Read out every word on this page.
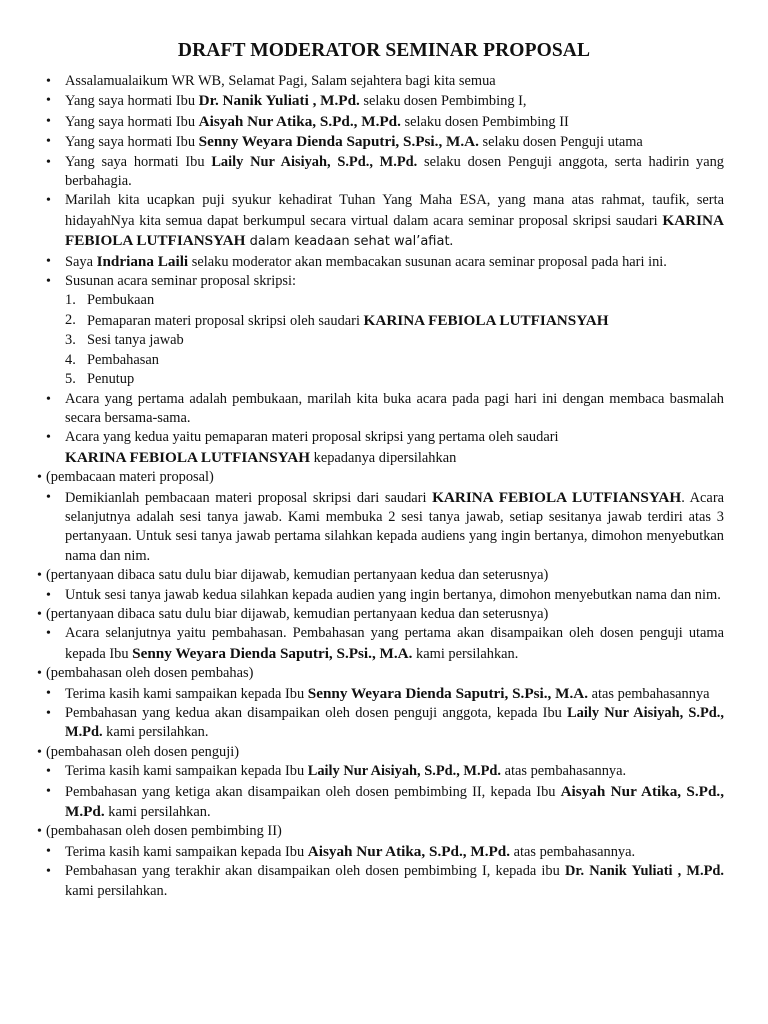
DRAFT MODERATOR SEMINAR PROPOSAL
• Assalamualaikum WR WB, Selamat Pagi, Salam sejahtera bagi kita semua
• Yang saya hormati Ibu Dr. Nanik Yuliati , M.Pd. selaku dosen Pembimbing I,
• Yang saya hormati Ibu Aisyah Nur Atika, S.Pd., M.Pd. selaku dosen Pembimbing II
• Yang saya hormati Ibu Senny Weyara Dienda Saputri, S.Psi., M.A. selaku dosen Penguji utama
• Yang saya hormati Ibu Laily Nur Aisiyah, S.Pd., M.Pd. selaku dosen Penguji anggota, serta hadirin yang berbahagia.
• Marilah kita ucapkan puji syukur kehadirat Tuhan Yang Maha ESA, yang mana atas rahmat, taufik, serta hidayahNya kita semua dapat berkumpul secara virtual dalam acara seminar proposal skripsi saudari KARINA FEBIOLA LUTFIANSYAH dalam keadaan sehat wal’afiat.
• Saya Indriana Laili selaku moderator akan membacakan susunan acara seminar proposal pada hari ini.
• Susunan acara seminar proposal skripsi:
1. Pembukaan
2. Pemaparan materi proposal skripsi oleh saudari KARINA FEBIOLA LUTFIANSYAH
3. Sesi tanya jawab
4. Pembahasan
5. Penutup
• Acara yang pertama adalah pembukaan, marilah kita buka acara pada pagi hari ini dengan membaca basmalah secara bersama-sama.
• Acara yang kedua yaitu pemaparan materi proposal skripsi yang pertama oleh saudari
KARINA FEBIOLA LUTFIANSYAH kepadanya dipersilahkan
• (pembacaan materi proposal)
• Demikianlah pembacaan materi proposal skripsi dari saudari KARINA FEBIOLA LUTFIANSYAH. Acara selanjutnya adalah sesi tanya jawab. Kami membuka 2 sesi tanya jawab, setiap sesitanya jawab terdiri atas 3 pertanyaan. Untuk sesi tanya jawab pertama silahkan kepada audiens yang ingin bertanya, dimohon menyebutkan nama dan nim.
• (pertanyaan dibaca satu dulu biar dijawab, kemudian pertanyaan kedua dan seterusnya)
• Untuk sesi tanya jawab kedua silahkan kepada audien yang ingin bertanya, dimohon menyebutkan nama dan nim.
• (pertanyaan dibaca satu dulu biar dijawab, kemudian pertanyaan kedua dan seterusnya)
• Acara selanjutnya yaitu pembahasan. Pembahasan yang pertama akan disampaikan oleh dosen penguji utama kepada Ibu Senny Weyara Dienda Saputri, S.Psi., M.A. kami persilahkan.
• (pembahasan oleh dosen pembahas)
• Terima kasih kami sampaikan kepada Ibu Senny Weyara Dienda Saputri, S.Psi., M.A. atas pembahasannya
• Pembahasan yang kedua akan disampaikan oleh dosen penguji anggota, kepada Ibu Laily Nur Aisiyah, S.Pd., M.Pd. kami persilahkan.
• (pembahasan oleh dosen penguji)
• Terima kasih kami sampaikan kepada Ibu Laily Nur Aisiyah, S.Pd., M.Pd. atas pembahasannya.
• Pembahasan yang ketiga akan disampaikan oleh dosen pembimbing II, kepada Ibu Aisyah Nur Atika, S.Pd., M.Pd. kami persilahkan.
• (pembahasan oleh dosen pembimbing II)
• Terima kasih kami sampaikan kepada Ibu Aisyah Nur Atika, S.Pd., M.Pd. atas pembahasannya.
• Pembahasan yang terakhir akan disampaikan oleh dosen pembimbing I, kepada ibu Dr. Nanik Yuliati , M.Pd. kami persilahkan.
